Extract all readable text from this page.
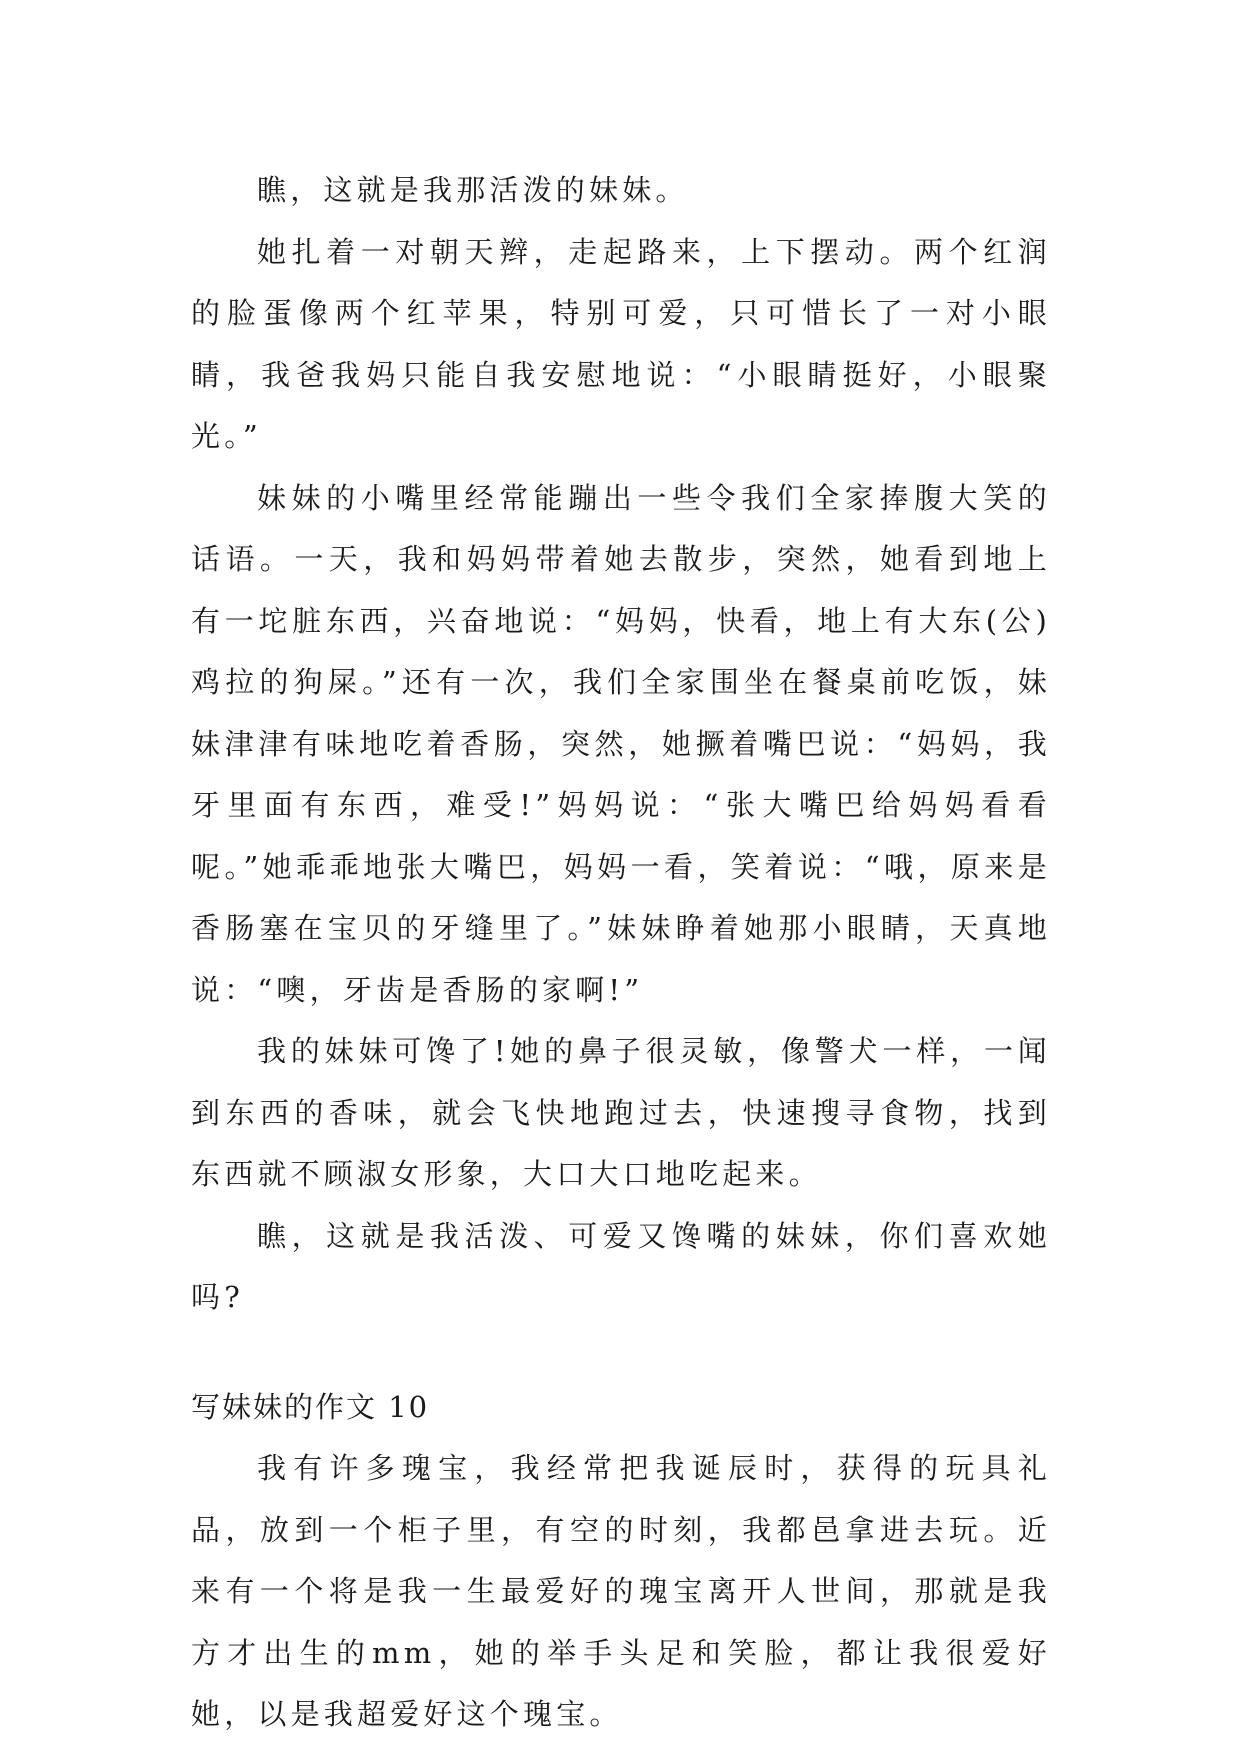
瞧，这就是我那活泼的妹妹。

她扎着一对朝天辫，走起路来，上下摆动。两个红润的脸蛋像两个红苹果，特别可爱，只可惜长了一对小眼睛，我爸我妈只能自我安慰地说：“小眼睛挺好，小眼聚光。”

妹妹的小嘴里经常能蹦出一些令我们全家捧腹大笑的话语。一天，我和妈妈带着她去散步，突然，她看到地上有一坨脏东西，兴奋地说：“妈妈，快看，地上有大东(公)鸡拉的狗屎。”还有一次，我们全家围坐在餐桌前吃饭，妹妹津津有味地吃着香肠，突然，她撅着嘴巴说：“妈妈，我牙里面有东西，难受!”妈妈说：“张大嘴巴给妈妈看看呢。”她乖乖地张大嘴巴，妈妈一看，笑着说：“哦，原来是香肠塞在宝贝的牙缝里了。”妹妹睁着她那小眼睛，天真地说：“噢，牙齿是香肠的家啊!”

我的妹妹可馋了!她的鼻子很灵敏，像警犬一样，一闻到东西的香味，就会飞快地跑过去，快速搜寻食物，找到东西就不顾淑女形象，大口大口地吃起来。

瞧，这就是我活泼、可爱又馋嘴的妹妹，你们喜欢她吗?

写妹妹的作文 10

我有许多瑰宝，我经常把我诞辰时，获得的玩具礼品，放到一个柜子里，有空的时刻，我都邑拿进去玩。近来有一个将是我一生最爱好的瑰宝离开人世间，那就是我方才出生的mm，她的举手头足和笑脸，都让我很爱好她，以是我超爱好这个瑰宝。
